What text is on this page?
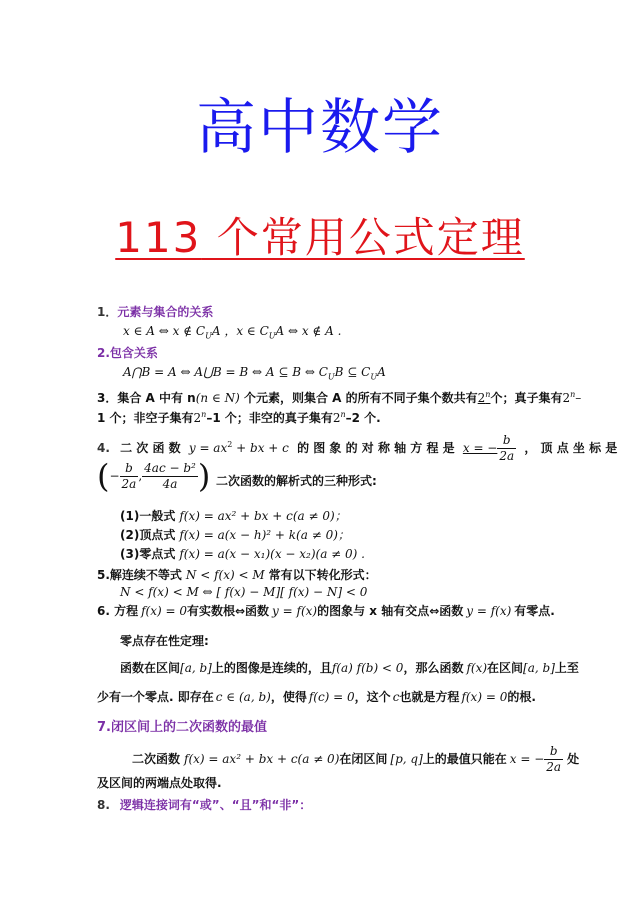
高中数学
113 个常用公式定理
1．元素与集合的关系
x ∈ A ⇔ x ∉ $C_UA$ ，x ∈ $C_UA$ ⇔ x ∉ A .
2.包含关系
A⋂B = A ⇔ A⋃B = B ⇔ A ⊆ B ⇔ $C_UB$ ⊆ $C_UA$
3．集合 A 中有 n(n ∈ N) 个元素，则集合 A 的所有不同子集个数共有2$^n$个；真子集有2$^n$–
1 个；非空子集有2$^n$–1 个；非空的真子集有2$^n$–2 个.
4. 二 次 函 数 $y = ax^2$ + bx + c 的 图 象 的 对 称 轴 方 程 是 x = − $\frac{b}{2a}$ ， 顶 点 坐 标 是
(− $\frac{b}{2a}$ , $\frac{\text{4ac − b²}}{4a}$ ) 二次函数的解析式的三种形式:
(1)一般式 f(x) = ax² + bx + c(a ≠ 0)；
(2)顶点式 f(x) = a(x − h)² + k(a ≠ 0)；
(3)零点式 f(x) = a(x − x₁)(x − x₂)(a ≠ 0) .
5.解连续不等式 N < f(x) < M 常有以下转化形式：
N < f(x) < M ⇔ [ f(x) − M][ f(x) − N] < 0
6. 方程 f(x) = 0有实数根⇔函数 y = f(x)的图象与 x 轴有交点⇔函数 y = f(x) 有零点.
零点存在性定理:
函数在区间[a, b]上的图像是连续的，且f(a) f(b) < 0，那么函数 f(x)在区间[a, b]上至
少有一个零点. 即存在 c ∈ (a, b)，使得 f(c) = 0，这个 c也就是方程 f(x) = 0的根.
7.闭区间上的二次函数的最值
二次函数 f(x) = ax² + bx + c(a ≠ 0)在闭区间 [p, q]上的最值只能在 x = − $\frac{b}{2a}$ 处
及区间的两端点处取得.
8. 逻辑连接词有“或”、“且”和“非”：
